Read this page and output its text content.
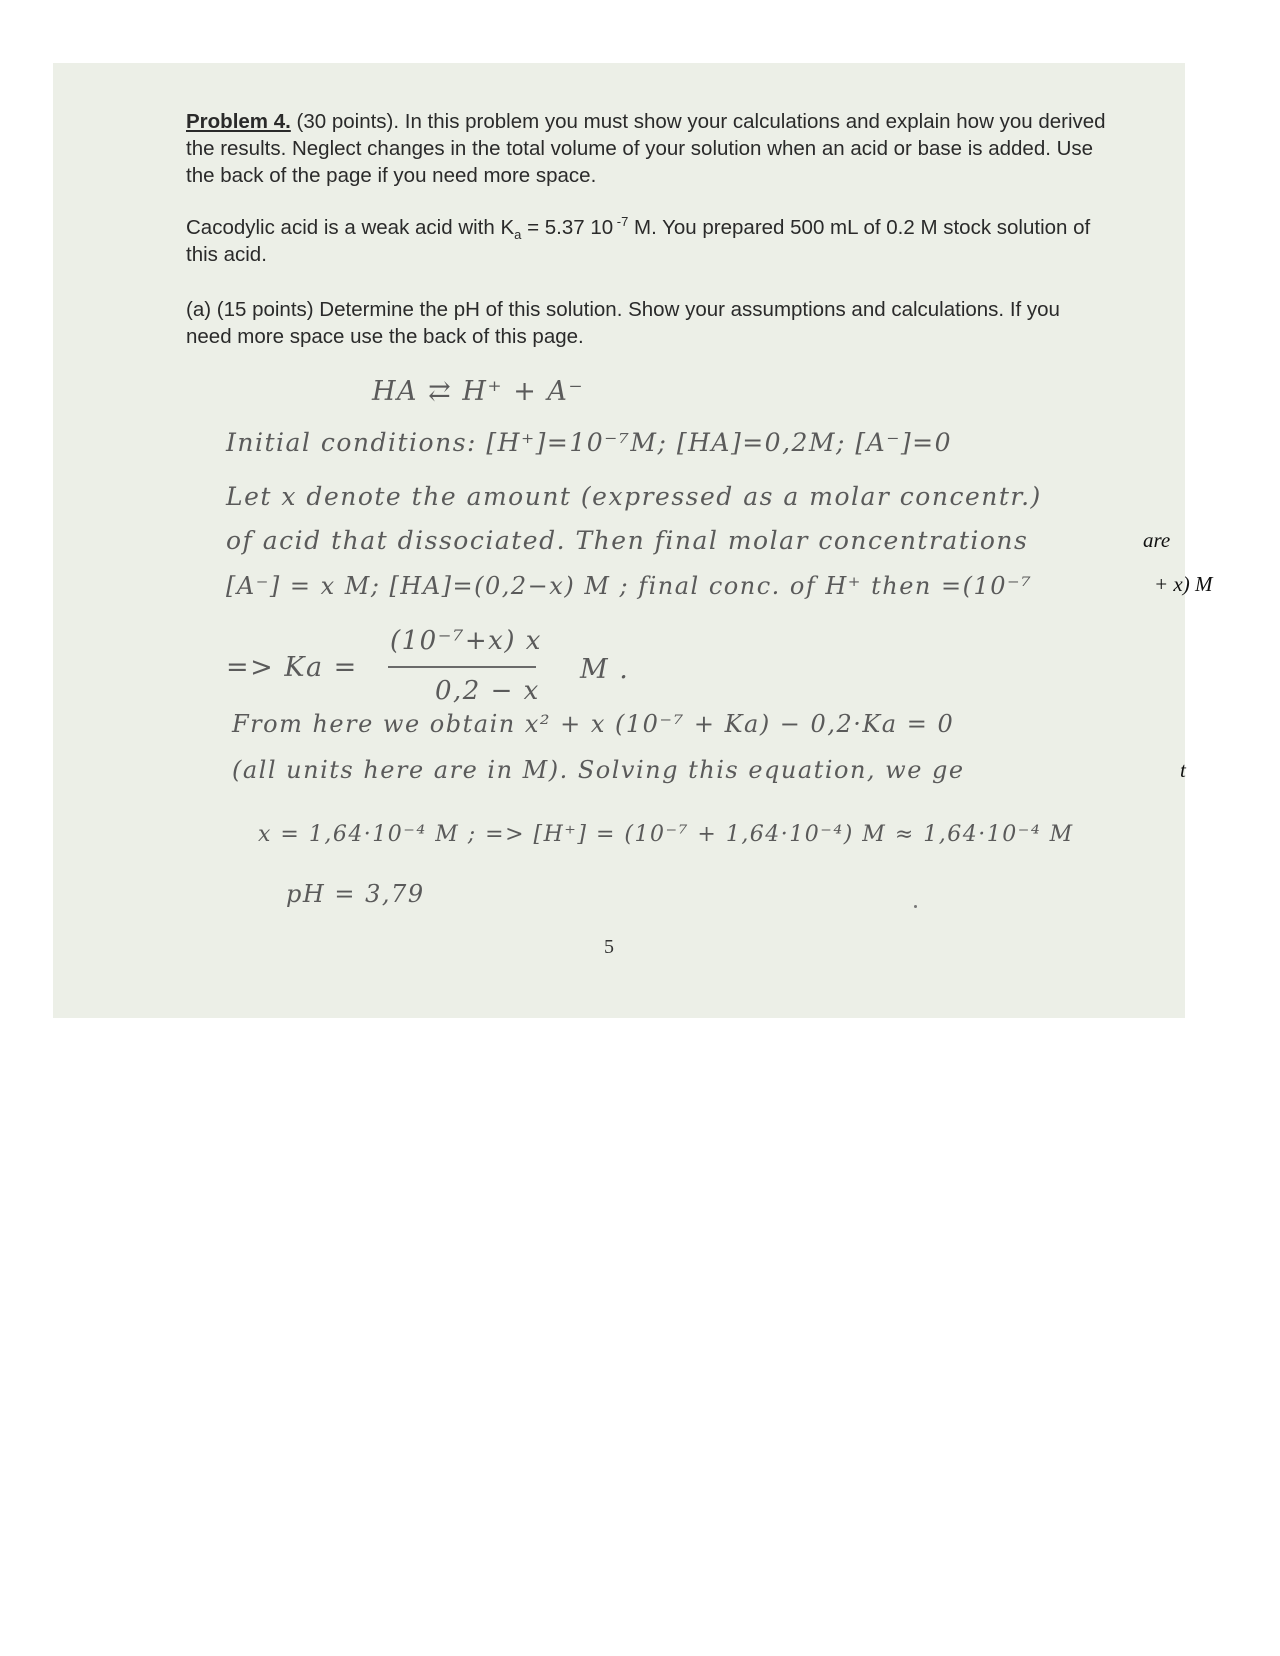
Problem 4. (30 points). In this problem you must show your calculations and explain how you derived the results. Neglect changes in the total volume of your solution when an acid or base is added. Use the back of the page if you need more space.
Cacodylic acid is a weak acid with $K_a = 5.37$ 10 $^{-7}$ M. You prepared 500 mL of 0.2 M stock solution of this acid.
(a) (15 points) Determine the pH of this solution. Show your assumptions and calculations. If you need more space use the back of this page.
HA ⇄ H⁺ + A⁻
Initial conditions: [H⁺]=10⁻⁷M; [HA]=0,2M; [A⁻]=0
Let x denote the amount (expressed as a molar concentr.)
of acid that dissociated. Then final molar concentrations	are
[A⁻] = x M; [HA]=(0,2−x) M ; final conc. of H⁺ then =(10⁻⁷	+ x) M
=> Ka =
(10⁻⁷+x) x
0,2 − x
M .
From here we obtain x² + x (10⁻⁷ + Ka) − 0,2·Ka = 0
(all units here are in M). Solving this equation, we ge	t
x = 1,64·10⁻⁴ M ; => [H⁺] = (10⁻⁷ + 1,64·10⁻⁴) M ≈ 1,64·10⁻⁴ M
pH = 3,79
5
